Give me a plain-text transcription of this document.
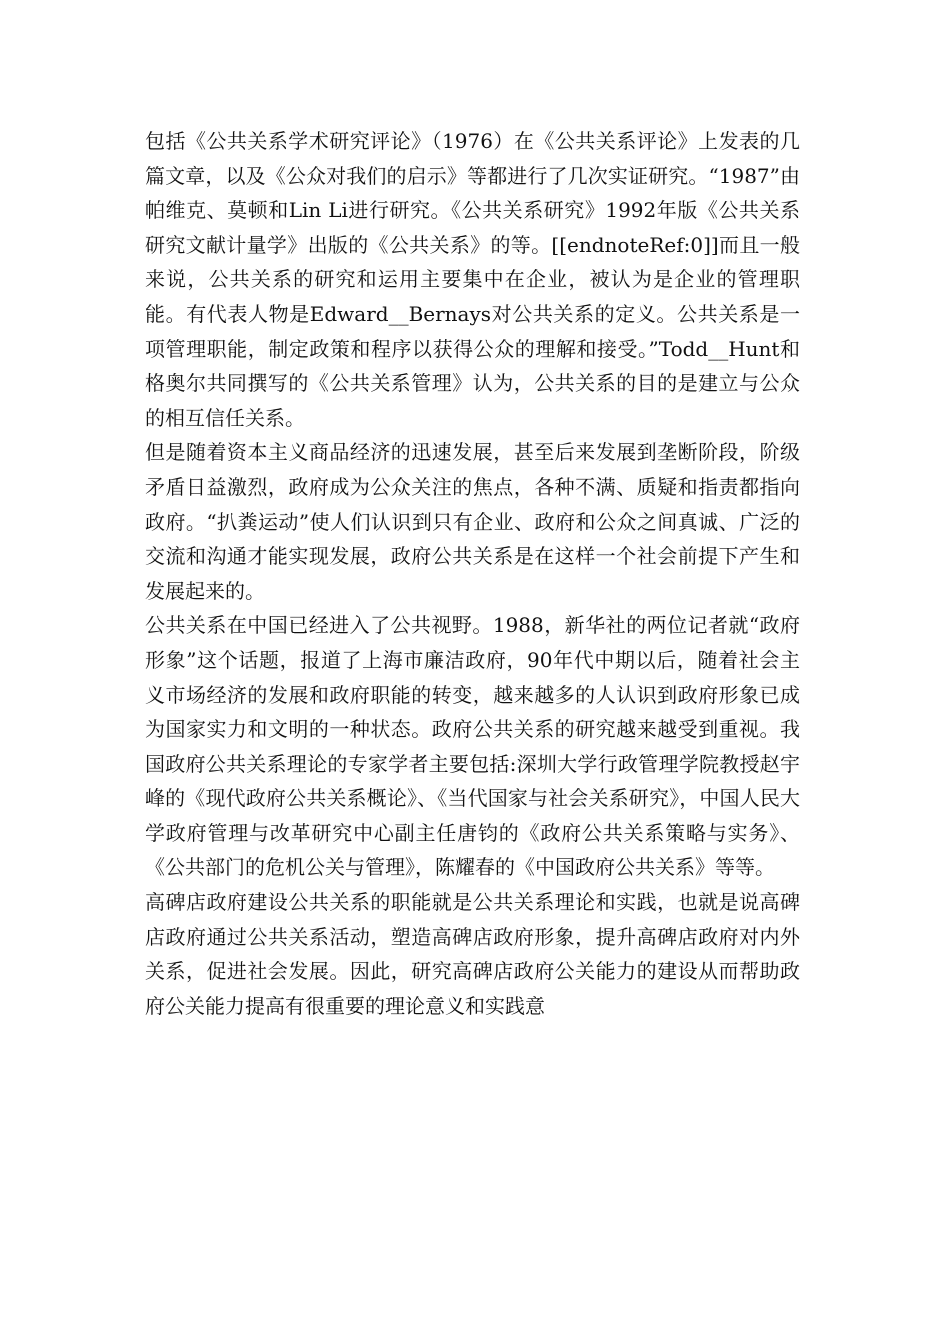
包括《公共关系学术研究评论》（1976）在《公共关系评论》上发表的几篇文章，以及《公众对我们的启示》等都进行了几次实证研究。“1987”由帕维克、莫顿和Lin Li进行研究。《公共关系研究》1992年版《公共关系研究文献计量学》出版的《公共关系》的等。[[endnoteRef:0]]而且一般来说，公共关系的研究和运用主要集中在企业，被认为是企业的管理职能。有代表人物是Edward__Bernays对公共关系的定义。公共关系是一项管理职能，制定政策和程序以获得公众的理解和接受。”Todd__Hunt和格奥尔共同撰写的《公共关系管理》认为，公共关系的目的是建立与公众的相互信任关系。

但是随着资本主义商品经济的迅速发展，甚至后来发展到垄断阶段，阶级矛盾日益激烈，政府成为公众关注的焦点，各种不满、质疑和指责都指向政府。“扒粪运动”使人们认识到只有企业、政府和公众之间真诚、广泛的交流和沟通才能实现发展，政府公共关系是在这样一个社会前提下产生和发展起来的。

公共关系在中国已经进入了公共视野。1988，新华社的两位记者就“政府形象”这个话题，报道了上海市廉洁政府，90年代中期以后，随着社会主义市场经济的发展和政府职能的转变，越来越多的人认识到政府形象已成为国家实力和文明的一种状态。政府公共关系的研究越来越受到重视。我国政府公共关系理论的专家学者主要包括:深圳大学行政管理学院教授赵宇峰的《现代政府公共关系概论》、《当代国家与社会关系研究》，中国人民大学政府管理与改革研究中心副主任唐钧的《政府公共关系策略与实务》、《公共部门的危机公关与管理》，陈耀春的《中国政府公共关系》等等。

高碑店政府建设公共关系的职能就是公共关系理论和实践，也就是说高碑店政府通过公共关系活动，塑造高碑店政府形象，提升高碑店政府对内外关系，促进社会发展。因此，研究高碑店政府公关能力的建设从而帮助政府公关能力提高有很重要的理论意义和实践意
